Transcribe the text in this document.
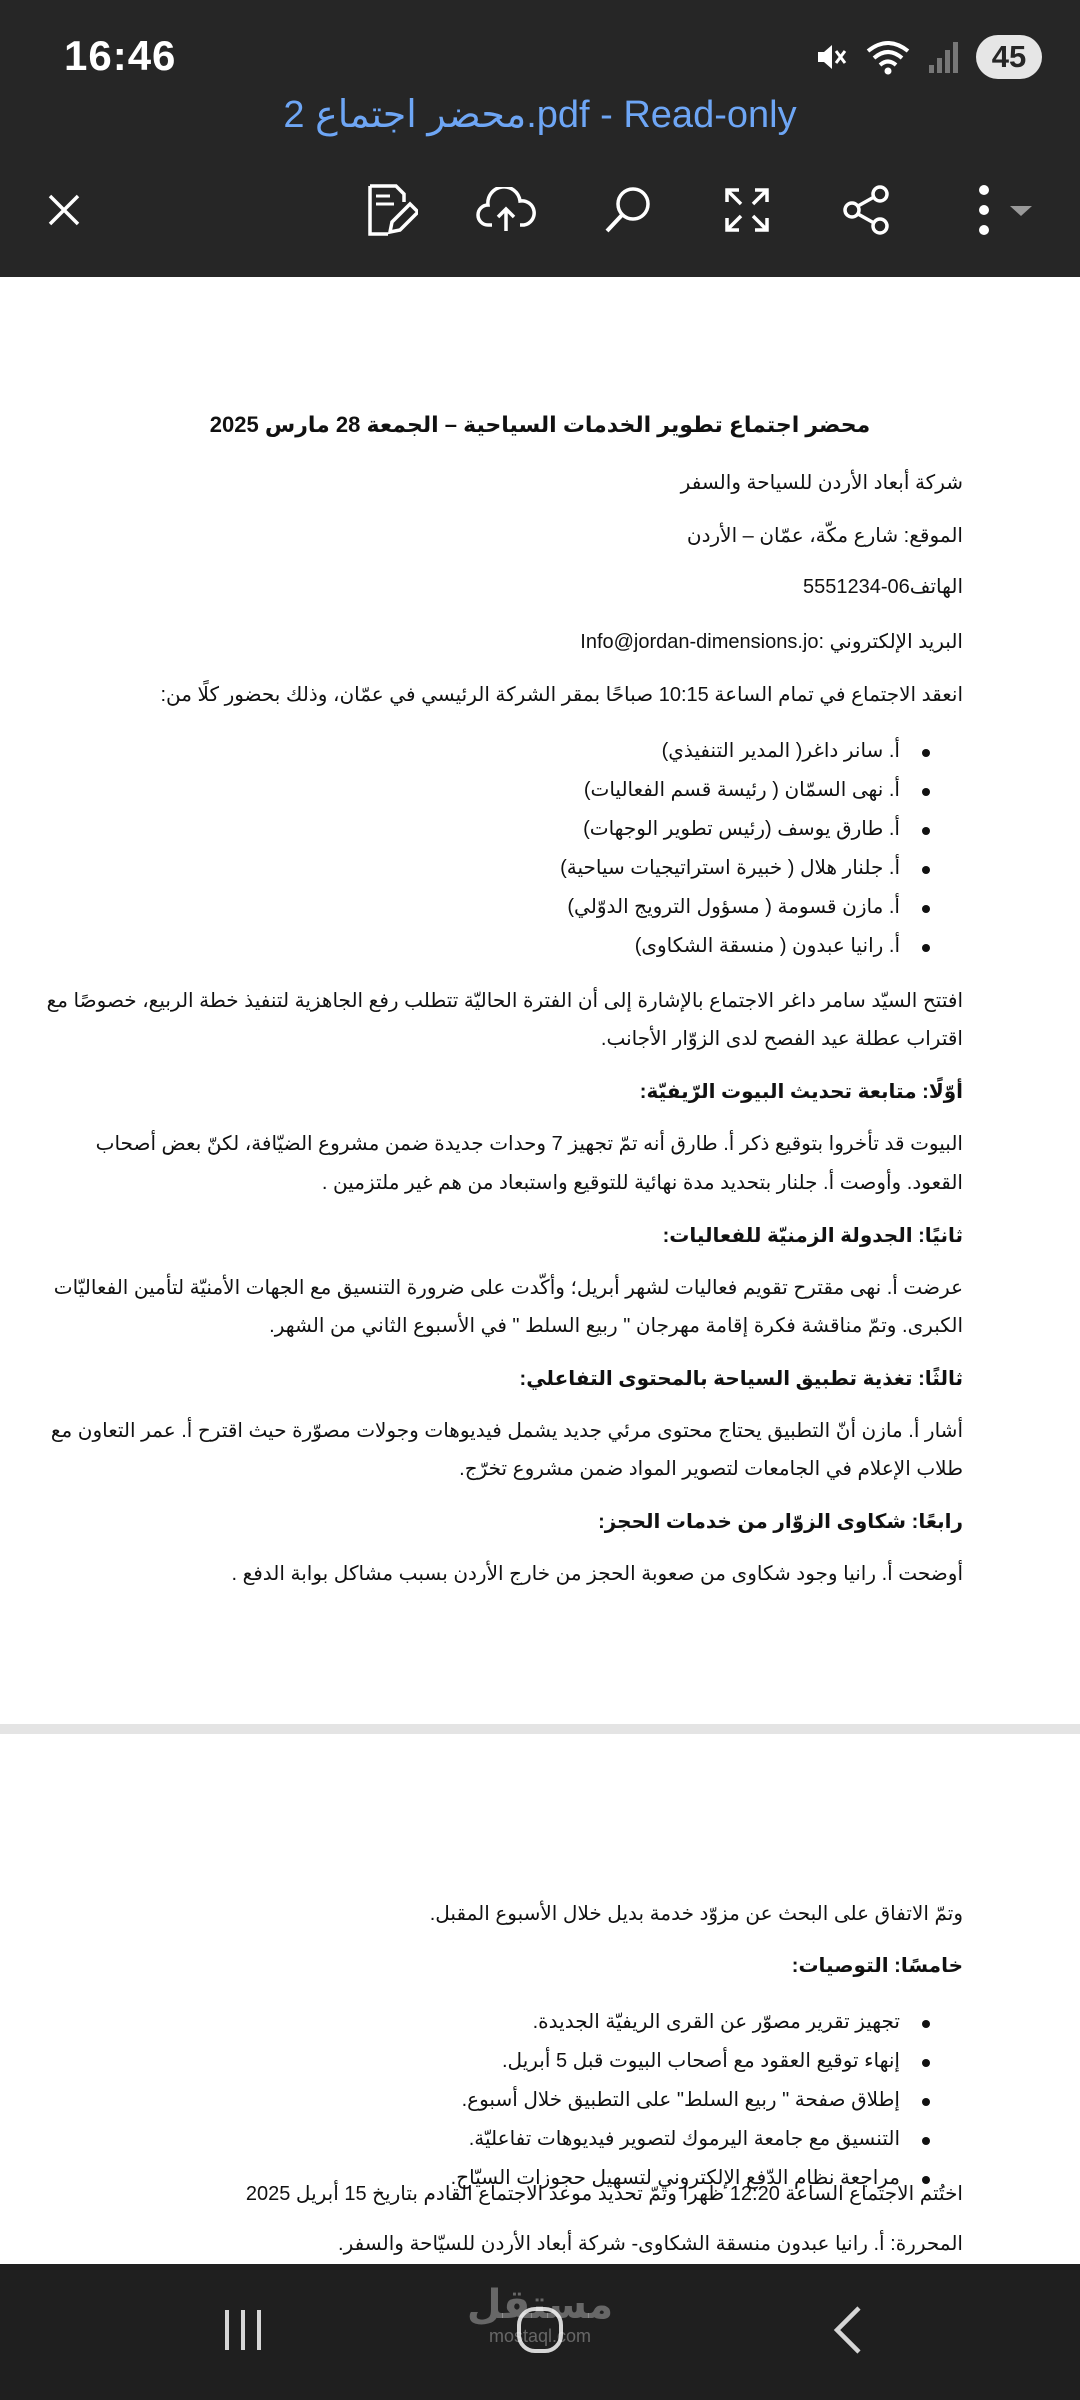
16:46	45
محضر اجتماع 2.pdf - Read-only
محضر اجتماع تطوير الخدمات السياحية – الجمعة 28 مارس 2025
شركة أبعاد الأردن للسياحة والسفر
الموقع: شارع مكّة، عمّان – الأردن
الهاتف06-5551234
البريد الإلكتروني :Info@jordan-dimensions.jo
انعقد الاجتماع في تمام الساعة 10:15 صباحًا بمقر الشركة الرئيسي في عمّان، وذلك بحضور كلًا من:
أ. سانر داغر( المدير التنفيذي)
أ. نهى السمّان ( رئيسة قسم الفعاليات)
أ. طارق يوسف (رئيس تطوير الوجهات)
أ. جلنار هلال ( خبيرة استراتيجيات سياحية)
أ. مازن قسومة ( مسؤول الترويج الدوّلي)
أ. رانيا عبدون ( منسقة الشكاوى)
افتتح السيّد سامر داغر الاجتماع بالإشارة إلى أن الفترة الحاليّة تتطلب رفع الجاهزية لتنفيذ خطة الربيع، خصوصًا مع
اقتراب عطلة عيد الفصح لدى الزوّار الأجانب.
أوّلًا: متابعة تحديث البيوت الرّيفيّة:
البيوت قد تأخروا بتوقيع ذكر أ. طارق أنه تمّ تجهيز 7 وحدات جديدة ضمن مشروع الضيّافة، لكنّ بعض أصحاب
القعود. وأوصت أ. جلنار بتحديد مدة نهائية للتوقيع واستبعاد من هم غير ملتزمين .
ثانيًا: الجدولة الزمنيّة للفعاليات:
عرضت أ. نهى مقترح تقويم فعاليات لشهر أبريل؛ وأكّدت على ضرورة التنسيق مع الجهات الأمنيّة لتأمين الفعاليّات
الكبرى. وتمّ مناقشة فكرة إقامة مهرجان " ربيع السلط " في الأسبوع الثاني من الشهر.
ثالثًا: تغذية تطبيق السياحة بالمحتوى التفاعلي:
أشار أ. مازن أنّ التطبيق يحتاج محتوى مرئي جديد يشمل فيديوهات وجولات مصوّرة حيث اقترح أ. عمر التعاون مع
طلاب الإعلام في الجامعات لتصوير المواد ضمن مشروع تخرّج.
رابعًا: شكاوى الزوّار من خدمات الحجز:
أوضحت أ. رانيا وجود شكاوى من صعوبة الحجز من خارج الأردن بسبب مشاكل بوابة الدفع .
وتمّ الاتفاق على البحث عن مزوّد خدمة بديل خلال الأسبوع المقبل.
خامسًا: التوصيات:
تجهيز تقرير مصوّر عن القرى الريفيّة الجديدة.
إنهاء توقيع العقود مع أصحاب البيوت قبل 5 أبريل.
إطلاق صفحة " ربيع السلط" على التطبيق خلال أسبوع.
التنسيق مع جامعة اليرموك لتصوير فيديوهات تفاعليّة.
مراجعة نظام الدّفع الإلكتروني لتسهيل حجوزات السيّاح.
اختُتم الاجتماع الساعة 12:20 ظهرا وتمّ تحديد موعد الاجتماع القادم بتاريخ 15 أبريل 2025
المحررة: أ. رانيا عبدون منسقة الشكاوى- شركة أبعاد الأردن للسيّاحة والسفر.
مستقل
mostaql.com
